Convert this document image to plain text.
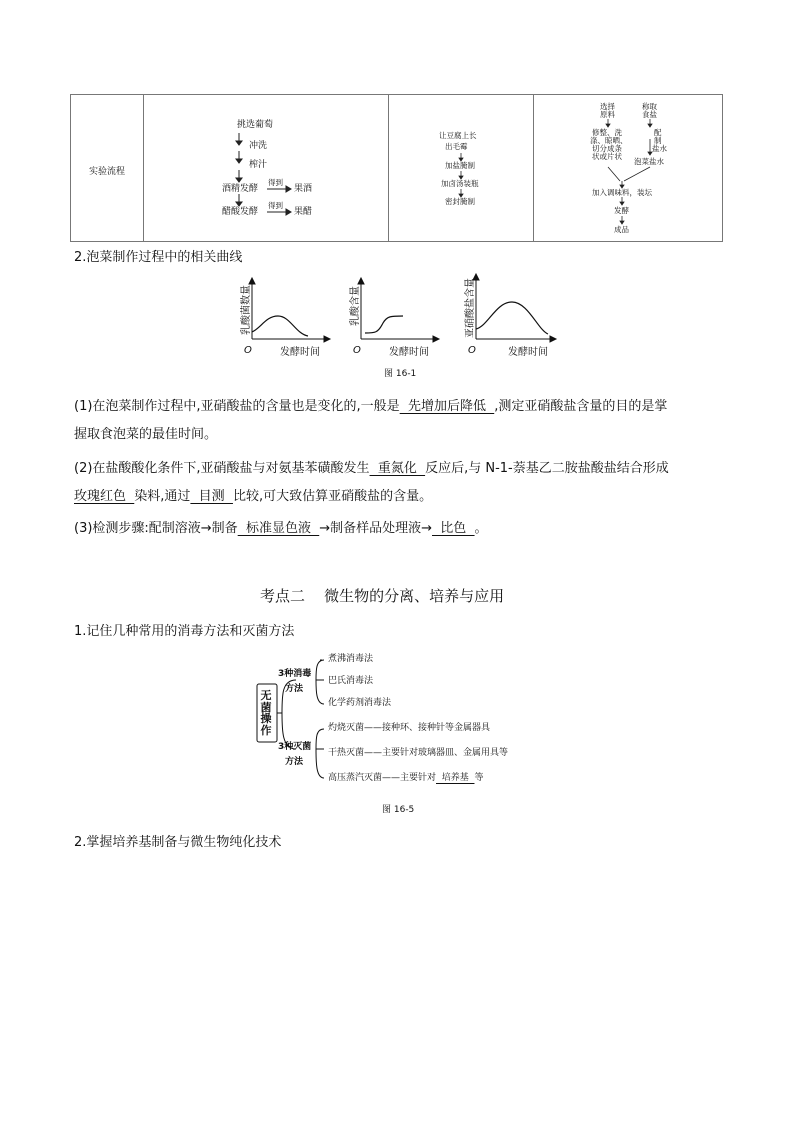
实验流程	
挑选葡萄
冲洗
榨汁
酒精发酵
醋酸发酵
得到
得到
果酒
果醋

让豆腐上长
出毛霉
加盐腌制
加卤汤装瓶
密封腌制

选择
原料
修整、洗
涤、晾晒、
切分成条
状或片状
称取
食盐
配
制
盐水
泡菜盐水
加入调味料，装坛
发酵
成品
2.泡菜制作过程中的相关曲线
乳酸菌数量
O	发酵时间
乳酸含量
O	发酵时间
亚硝酸盐含量
O	发酵时间
图 16-1
(1)在泡菜制作过程中,亚硝酸盐的含量也是变化的,一般是  先增加后降低  ,测定亚硝酸盐含量的目的是掌
握取食泡菜的最佳时间。
(2)在盐酸酸化条件下,亚硝酸盐与对氨基苯磺酸发生  重氮化  反应后,与 N-1-萘基乙二胺盐酸盐结合形成
玫瑰红色  染料,通过  目测  比较,可大致估算亚硝酸盐的含量。
(3)检测步骤:配制溶液→制备  标准显色液  →制备样品处理液→  比色  。
考点二    微生物的分离、培养与应用
1.记住几种常用的消毒方法和灭菌方法
无菌操作
3种消毒
方法
煮沸消毒法
巴氏消毒法
化学药剂消毒法
3种灭菌
方法
灼烧灭菌——接种环、接种针等金属器具
干热灭菌——主要针对玻璃器皿、金属用具等
高压蒸汽灭菌——主要针对  培养基  等
图 16-5
2.掌握培养基制备与微生物纯化技术
